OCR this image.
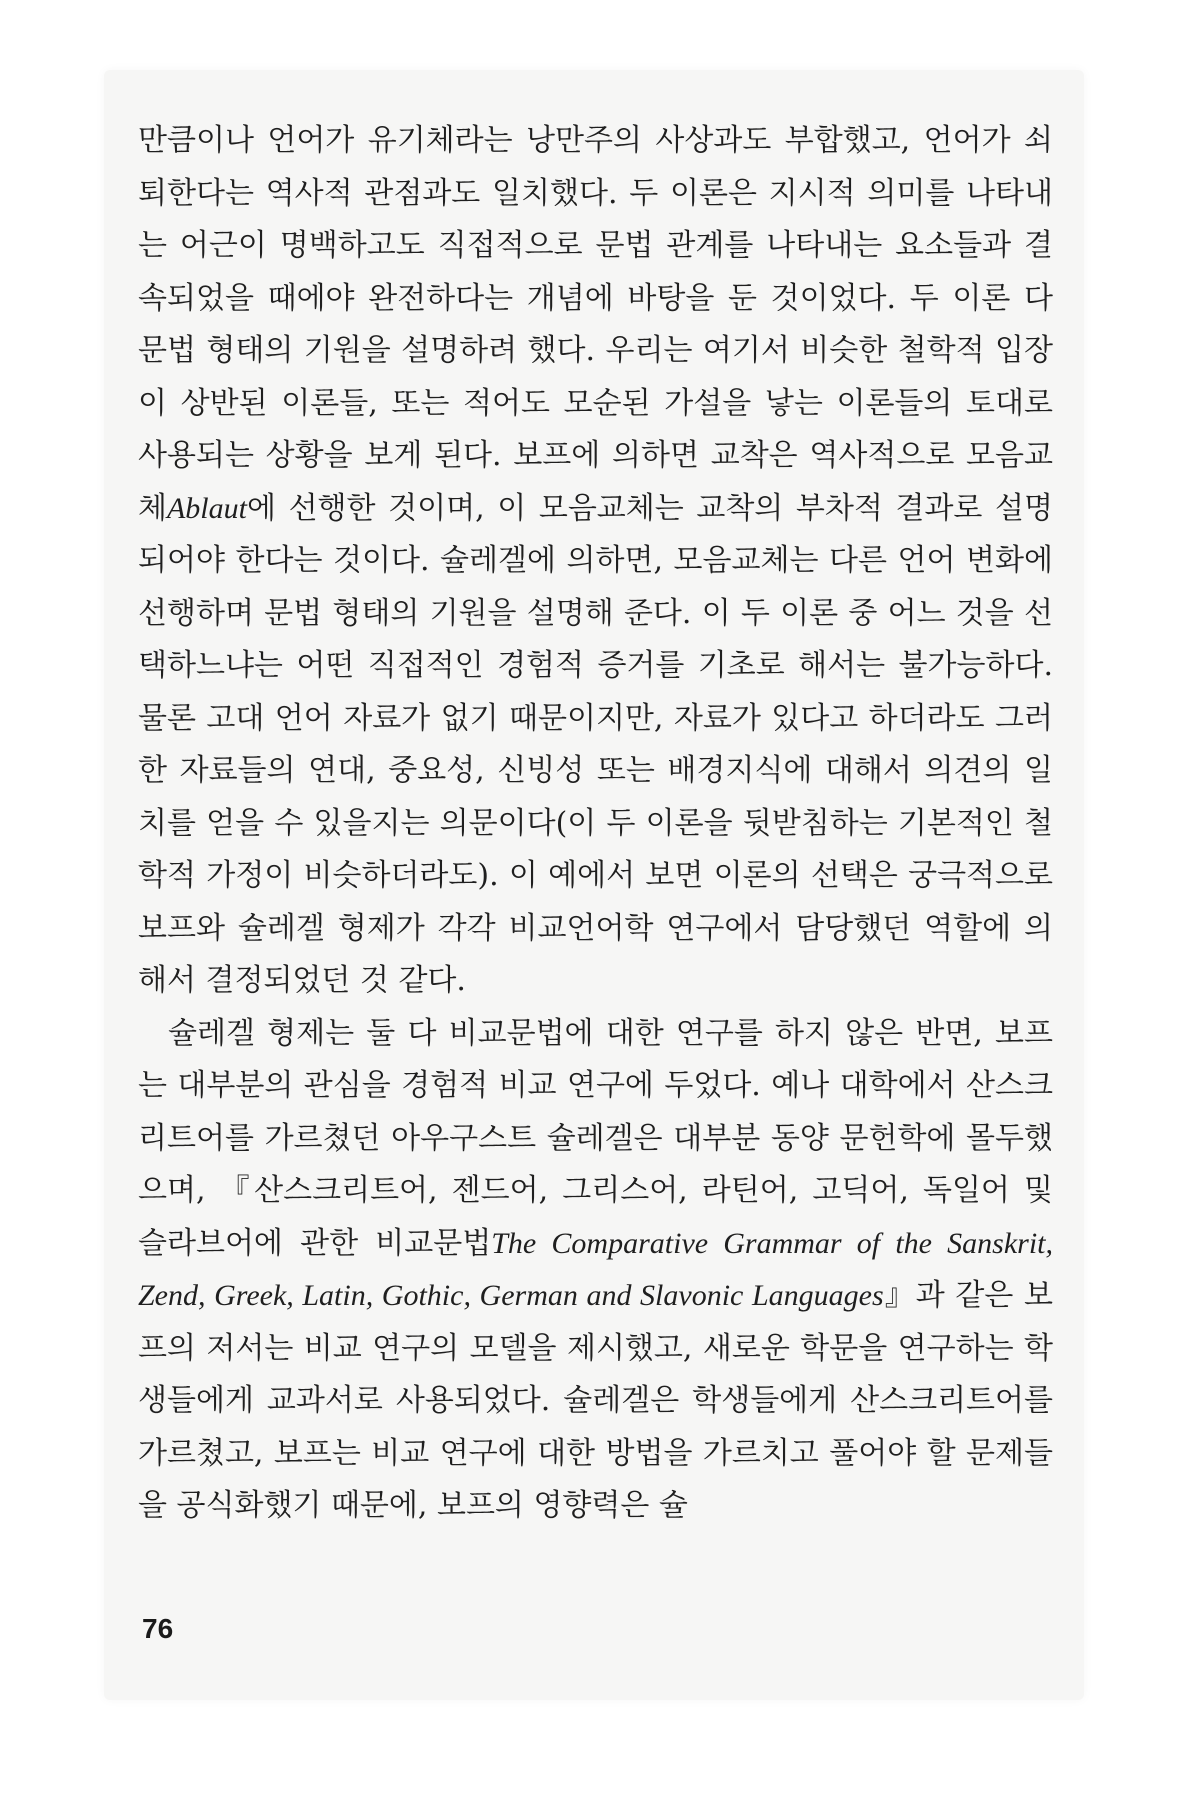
만큼이나 언어가 유기체라는 낭만주의 사상과도 부합했고, 언어가 쇠퇴한다는 역사적 관점과도 일치했다. 두 이론은 지시적 의미를 나타내는 어근이 명백하고도 직접적으로 문법 관계를 나타내는 요소들과 결속되었을 때에야 완전하다는 개념에 바탕을 둔 것이었다. 두 이론 다 문법 형태의 기원을 설명하려 했다. 우리는 여기서 비슷한 철학적 입장이 상반된 이론들, 또는 적어도 모순된 가설을 낳는 이론들의 토대로 사용되는 상황을 보게 된다. 보프에 의하면 교착은 역사적으로 모음교체Ablaut에 선행한 것이며, 이 모음교체는 교착의 부차적 결과로 설명되어야 한다는 것이다. 슐레겔에 의하면, 모음교체는 다른 언어 변화에 선행하며 문법 형태의 기원을 설명해 준다. 이 두 이론 중 어느 것을 선택하느냐는 어떤 직접적인 경험적 증거를 기초로 해서는 불가능하다. 물론 고대 언어 자료가 없기 때문이지만, 자료가 있다고 하더라도 그러한 자료들의 연대, 중요성, 신빙성 또는 배경지식에 대해서 의견의 일치를 얻을 수 있을지는 의문이다(이 두 이론을 뒷받침하는 기본적인 철학적 가정이 비슷하더라도). 이 예에서 보면 이론의 선택은 궁극적으로 보프와 슐레겔 형제가 각각 비교언어학 연구에서 담당했던 역할에 의해서 결정되었던 것 같다.

슐레겔 형제는 둘 다 비교문법에 대한 연구를 하지 않은 반면, 보프는 대부분의 관심을 경험적 비교 연구에 두었다. 예나 대학에서 산스크리트어를 가르쳤던 아우구스트 슐레겔은 대부분 동양 문헌학에 몰두했으며, 『산스크리트어, 젠드어, 그리스어, 라틴어, 고딕어, 독일어 및 슬라브어에 관한 비교문법The Comparative Grammar of the Sanskrit, Zend, Greek, Latin, Gothic, German and Slavonic Languages』과 같은 보프의 저서는 비교 연구의 모델을 제시했고, 새로운 학문을 연구하는 학생들에게 교과서로 사용되었다. 슐레겔은 학생들에게 산스크리트어를 가르쳤고, 보프는 비교 연구에 대한 방법을 가르치고 풀어야 할 문제들을 공식화했기 때문에, 보프의 영향력은 슐

76
